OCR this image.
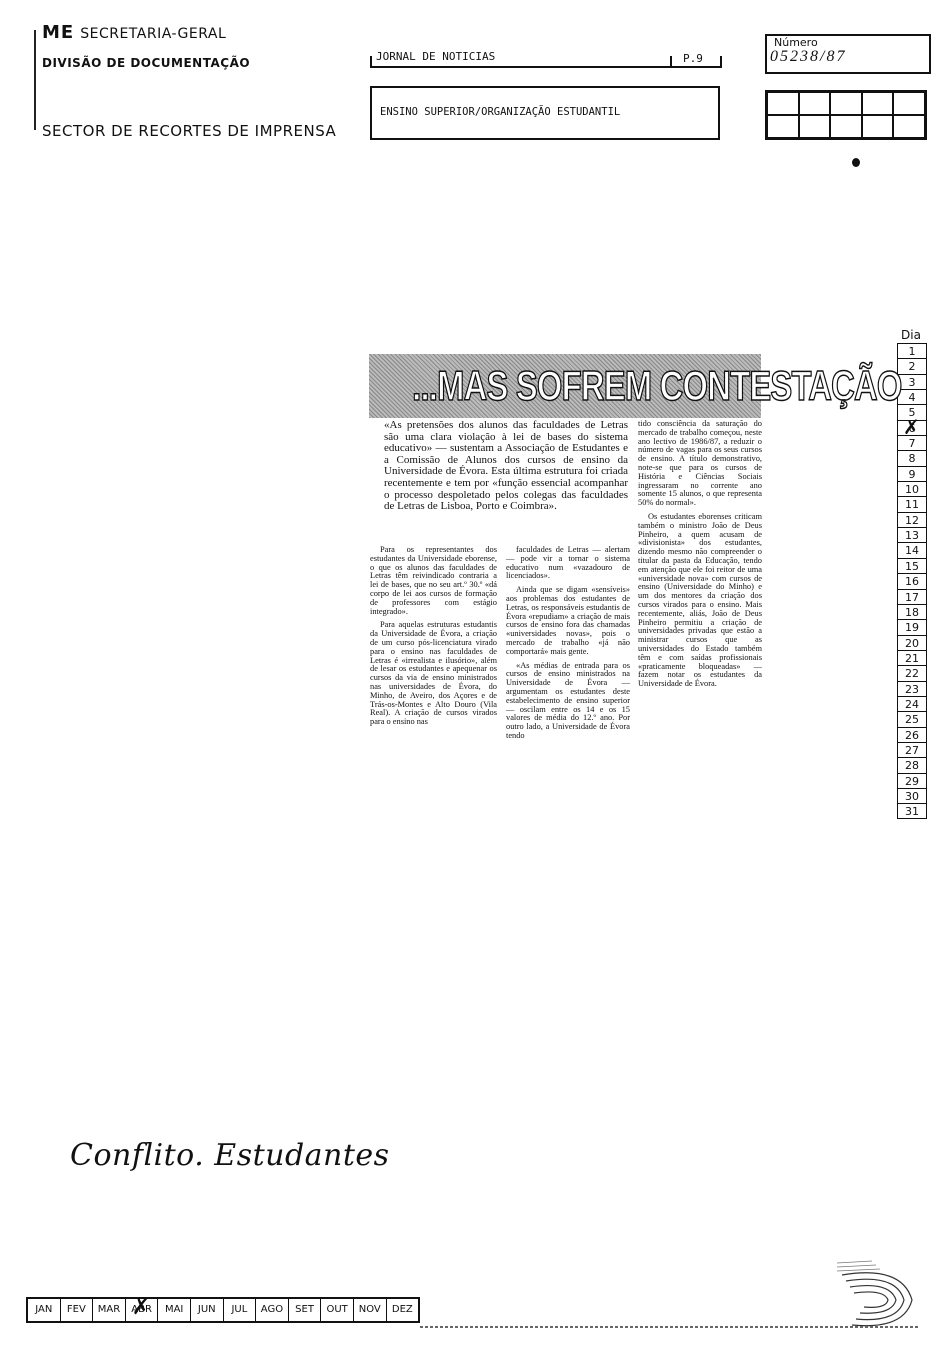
ME SECRETARIA-GERAL
DIVISÃO DE DOCUMENTAÇÃO
SECTOR DE RECORTES DE IMPRENSA
JORNAL DE NOTICIAS	P.9
ENSINO SUPERIOR/ORGANIZAÇÃO ESTUDANTIL
Número
05238/87
Dia
1
2
3
4
5
6 ✗
7
8
9
10
11
12
13
14
15
16
17
18
19
20
21
22
23
24
25
26
27
28
29
30
31
...MAS SOFREM CONTESTAÇÃO
«As pretensões dos alunos das faculdades de Letras são uma clara violação à lei de bases do sistema educativo» — sustentam a Associação de Estudantes e a Comissão de Alunos dos cursos de ensino da Universidade de Évora. Esta última estrutura foi criada recentemente e tem por «função essencial acompanhar o processo despoletado pelos colegas das faculdades de Letras de Lisboa, Porto e Coimbra».

Para os representantes dos estudantes da Universidade eborense, o que os alunos das faculdades de Letras têm reivindicado contraria a lei de bases, que no seu art.º 30.º «dá corpo de lei aos cursos de formação de professores com estágio integrado».

Para aquelas estruturas estudantis da Universidade de Évora, a criação de um curso pós-licenciatura virado para o ensino nas faculdades de Letras é «irrealista e ilusório», além de lesar os estudantes e apequenar os cursos da via de ensino ministrados nas universidades de Évora, do Minho, de Aveiro, dos Açores e de Trás-os-Montes e Alto Douro (Vila Real). A criação de cursos virados para o ensino nas

faculdades de Letras — alertam — pode vir a tornar o sistema educativo num «vazadouro de licenciados».

Ainda que se digam «sensíveis» aos problemas dos estudantes de Letras, os responsáveis estudantis de Évora «repudiam» a criação de mais cursos de ensino fora das chamadas «universidades novas», pois o mercado de trabalho «já não comportará» mais gente.

«As médias de entrada para os cursos de ensino ministrados na Universidade de Évora — argumentam os estudantes deste estabelecimento de ensino superior — oscilam entre os 14 e os 15 valores de média do 12.º ano. Por outro lado, a Universidade de Évora tendo

tido consciência da saturação do mercado de trabalho começou, neste ano lectivo de 1986/87, a reduzir o número de vagas para os seus cursos de ensino. A título demonstrativo, note-se que para os cursos de História e Ciências Sociais ingressaram no corrente ano somente 15 alunos, o que representa 50% do normal».

Os estudantes eborenses criticam também o ministro João de Deus Pinheiro, a quem acusam de «divisionista» dos estudantes, dizendo mesmo não compreender o titular da pasta da Educação, tendo em atenção que ele foi reitor de uma «universidade nova» com cursos de ensino (Universidade do Minho) e um dos mentores da criação dos cursos virados para o ensino. Mais recentemente, aliás, João de Deus Pinheiro permitiu a criação de universidades privadas que estão a ministrar cursos que as universidades do Estado também têm e com saídas profissionais «praticamente bloqueadas» — fazem notar os estudantes da Universidade de Évora.

Conflito. Estudantes
JAN	FEV	MAR	ABR ✗	MAI	JUN	JUL	AGO	SET	OUT	NOV	DEZ
